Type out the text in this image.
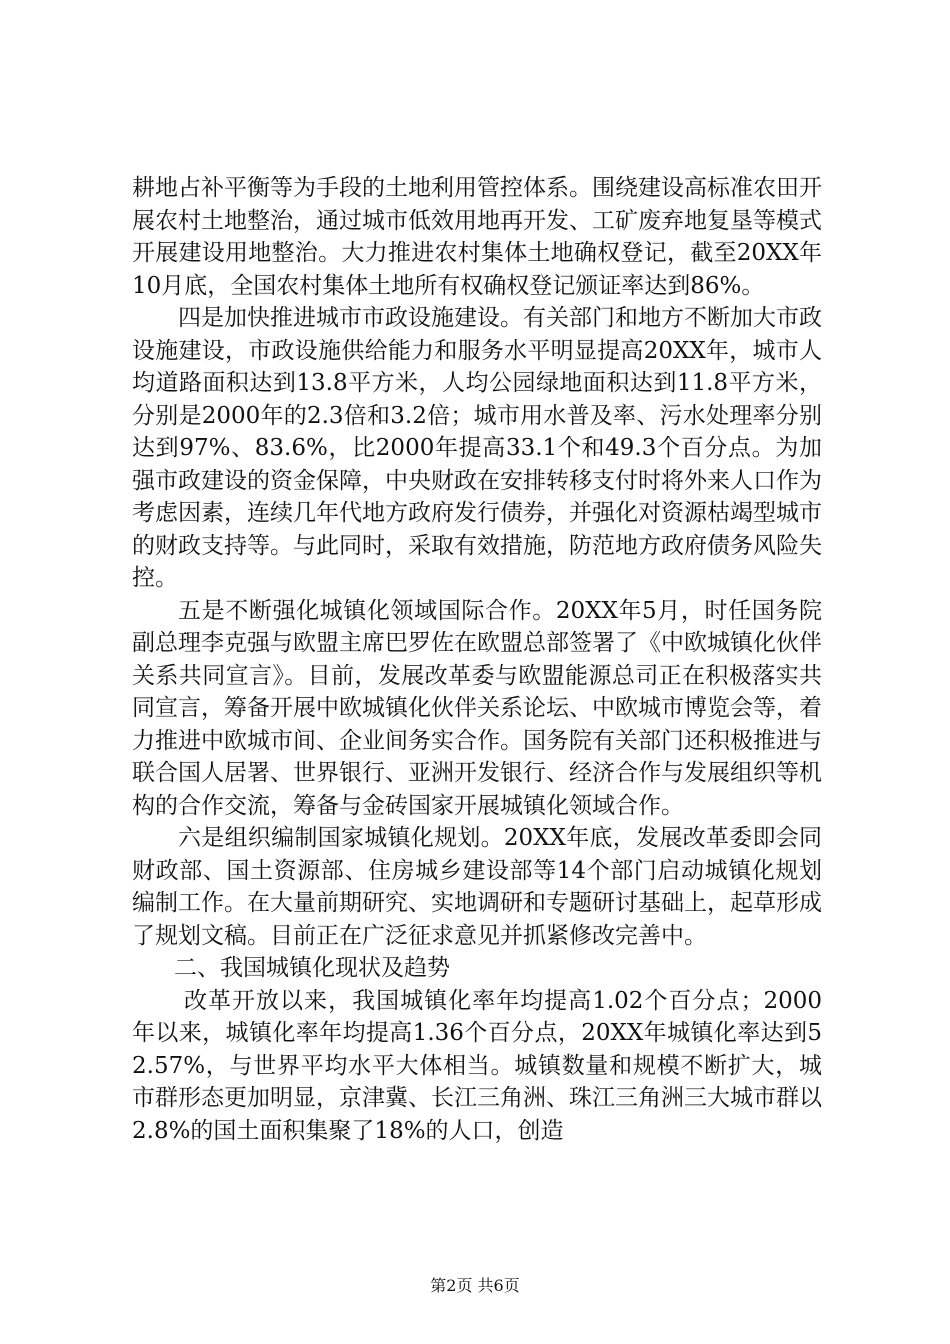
耕地占补平衡等为手段的土地利用管控体系。围绕建设高标准农田开展农村土地整治，通过城市低效用地再开发、工矿废弃地复垦等模式开展建设用地整治。大力推进农村集体土地确权登记，截至20XX年10月底，全国农村集体土地所有权确权登记颁证率达到86%。

四是加快推进城市市政设施建设。有关部门和地方不断加大市政设施建设，市政设施供给能力和服务水平明显提高20XX年，城市人均道路面积达到13.8平方米，人均公园绿地面积达到11.8平方米，分别是2000年的2.3倍和3.2倍；城市用水普及率、污水处理率分别达到97%、83.6%，比2000年提高33.1个和49.3个百分点。为加强市政建设的资金保障，中央财政在安排转移支付时将外来人口作为考虑因素，连续几年代地方政府发行债券，并强化对资源枯竭型城市的财政支持等。与此同时，采取有效措施，防范地方政府债务风险失控。

五是不断强化城镇化领域国际合作。20XX年5月，时任国务院副总理李克强与欧盟主席巴罗佐在欧盟总部签署了《中欧城镇化伙伴关系共同宣言》。目前，发展改革委与欧盟能源总司正在积极落实共同宣言，筹备开展中欧城镇化伙伴关系论坛、中欧城市博览会等，着力推进中欧城市间、企业间务实合作。国务院有关部门还积极推进与联合国人居署、世界银行、亚洲开发银行、经济合作与发展组织等机构的合作交流，筹备与金砖国家开展城镇化领域合作。

六是组织编制国家城镇化规划。20XX年底，发展改革委即会同财政部、国土资源部、住房城乡建设部等14个部门启动城镇化规划编制工作。在大量前期研究、实地调研和专题研讨基础上，起草形成了规划文稿。目前正在广泛征求意见并抓紧修改完善中。

二、我国城镇化现状及趋势

改革开放以来，我国城镇化率年均提高1.02个百分点；2000年以来，城镇化率年均提高1.36个百分点，20XX年城镇化率达到52.57%，与世界平均水平大体相当。城镇数量和规模不断扩大，城市群形态更加明显，京津冀、长江三角洲、珠江三角洲三大城市群以2.8%的国土面积集聚了18%的人口，创造

第2页 共6页
